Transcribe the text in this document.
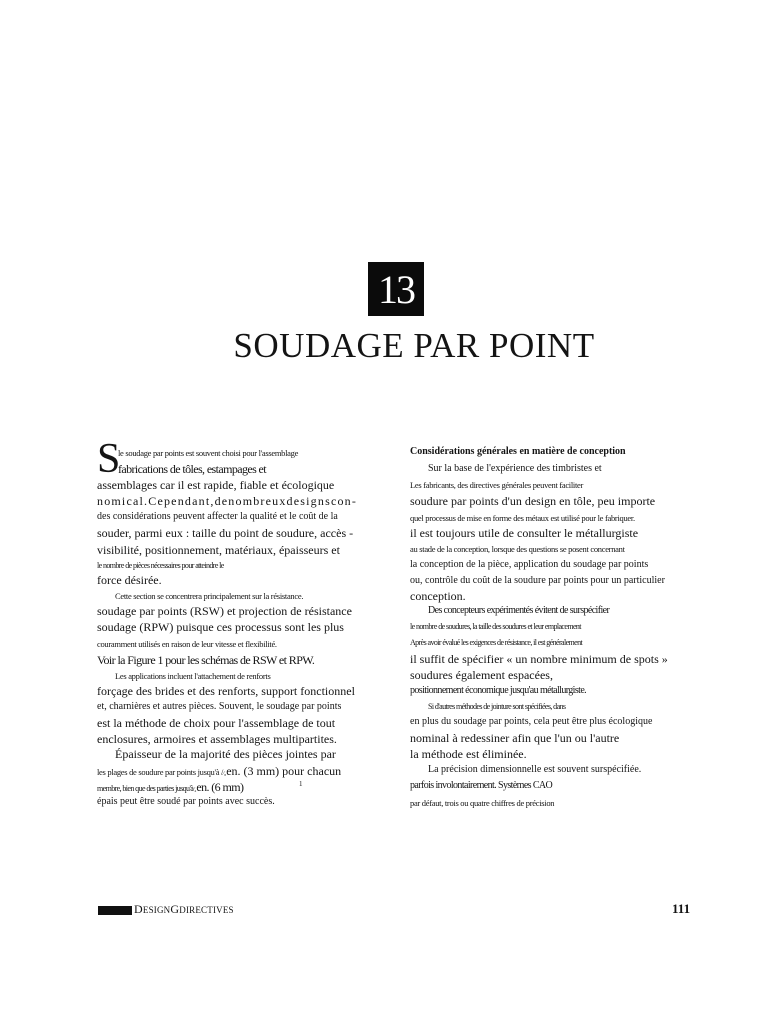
13
SOUDAGE PAR POINT
S
le soudage par points est souvent choisi pour l'assemblage
fabrications de tôles, estampages et
assemblages car il est rapide, fiable et écologique
nomical.Cependant,denombreuxdesignscon-
des considérations peuvent affecter la qualité et le coût de la
souder, parmi eux : taille du point de soudure, accès -
visibilité, positionnement, matériaux, épaisseurs et
le nombre de pièces nécessaires pour atteindre le
force désirée.
Cette section se concentrera principalement sur la résistance.
soudage par points (RSW) et projection de résistance
soudage (RPW) puisque ces processus sont les plus
couramment utilisés en raison de leur vitesse et flexibilité.
Voir la Figure 1 pour les schémas de RSW et RPW.
Les applications incluent l'attachement de renforts
forçage des brides et des renforts, support fonctionnel
et, charnières et autres pièces. Souvent, le soudage par points
est la méthode de choix pour l'assemblage de tout
enclosures, armoires et assemblages multipartites.
Épaisseur de la majorité des pièces jointes par
les plages de soudure par points jusqu'à /⁄₈en. (3 mm) pour chacun
membre, bien que des parties jusqu'à⁄₄en. (6 mm)	1
épais peut être soudé par points avec succès.
Considérations générales en matière de conception
Sur la base de l'expérience des timbristes et
Les fabricants, des directives générales peuvent faciliter
soudure par points d'un design en tôle, peu importe
quel processus de mise en forme des métaux est utilisé pour le fabriquer.
il est toujours utile de consulter le métallurgiste
au stade de la conception, lorsque des questions se posent concernant
la conception de la pièce, application du soudage par points
ou, contrôle du coût de la soudure par points pour un particulier
conception.
Des concepteurs expérimentés évitent de surspécifier
le nombre de soudures, la taille des soudures et leur emplacement
Après avoir évalué les exigences de résistance, il est généralement
il suffit de spécifier « un nombre minimum de spots »
soudures également espacées,
positionnement économique jusqu'au métallurgiste.
Si d'autres méthodes de jointure sont spécifiées, dans
en plus du soudage par points, cela peut être plus écologique
nominal à redessiner afin que l'un ou l'autre
la méthode est éliminée.
La précision dimensionnelle est souvent surspécifiée.
parfois involontairement. Systèmes CAO
par défaut, trois ou quatre chiffres de précision
DESIGNGDIRECTIVES	111
